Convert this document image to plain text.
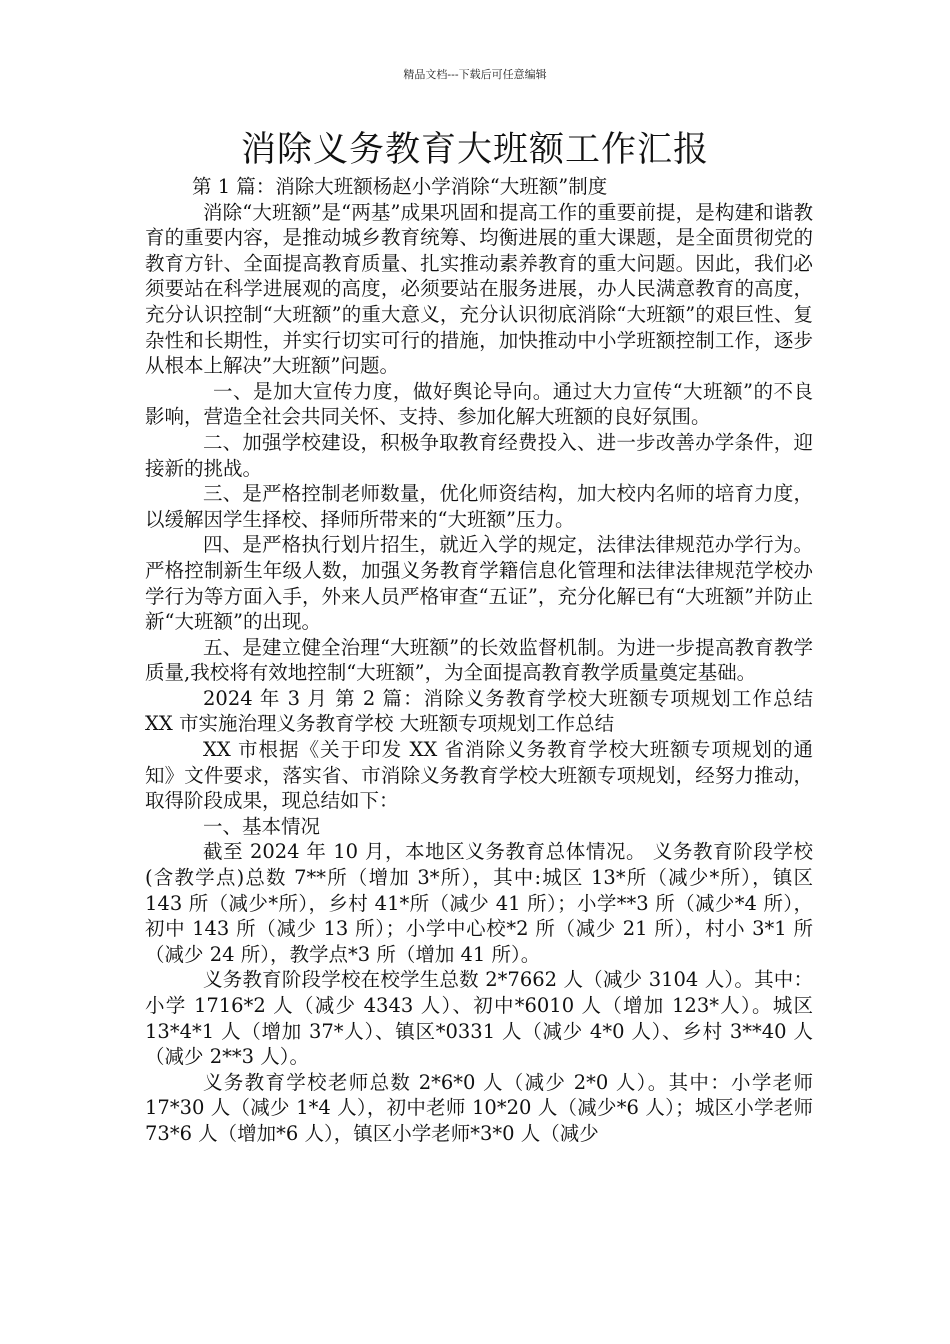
精品文档---下载后可任意编辑
消除义务教育大班额工作汇报

第 1 篇：消除大班额杨赵小学消除“大班额”制度

消除“大班额”是“两基”成果巩固和提高工作的重要前提，是构建和谐教育的重要内容，是推动城乡教育统筹、均衡进展的重大课题，是全面贯彻党的教育方针、全面提高教育质量、扎实推动素养教育的重大问题。因此，我们必须要站在科学进展观的高度，必须要站在服务进展，办人民满意教育的高度，充分认识控制“大班额”的重大意义，充分认识彻底消除“大班额”的艰巨性、复杂性和长期性，并实行切实可行的措施，加快推动中小学班额控制工作，逐步从根本上解决”大班额”问题。

一、是加大宣传力度，做好舆论导向。通过大力宣传“大班额”的不良影响，营造全社会共同关怀、支持、参加化解大班额的良好氛围。

二、加强学校建设，积极争取教育经费投入、进一步改善办学条件，迎接新的挑战。

三、是严格控制老师数量，优化师资结构，加大校内名师的培育力度，以缓解因学生择校、择师所带来的“大班额”压力。

四、是严格执行划片招生，就近入学的规定，法律法律规范办学行为。严格控制新生年级人数，加强义务教育学籍信息化管理和法律法律规范学校办学行为等方面入手，外来人员严格审查“五证”，充分化解已有“大班额”并防止新“大班额”的出现。

五、是建立健全治理“大班额”的长效监督机制。为进一步提高教育教学质量,我校将有效地控制“大班额”，为全面提高教育教学质量奠定基础。

2024 年 3 月 第 2 篇：消除义务教育学校大班额专项规划工作总结 XX 市实施治理义务教育学校 大班额专项规划工作总结

XX 市根据《关于印发 XX 省消除义务教育学校大班额专项规划的通知》文件要求，落实省、市消除义务教育学校大班额专项规划，经努力推动，取得阶段成果，现总结如下：

一、基本情况

截至 2024 年 10 月，本地区义务教育总体情况。 义务教育阶段学校(含教学点)总数 7**所（增加 3*所），其中:城区 13*所（减少*所），镇区 143 所（减少*所），乡村 41*所（减少 41 所）；小学**3 所（减少*4 所），初中 143 所（减少 13 所）；小学中心校*2 所（减少 21 所），村小 3*1 所（减少 24 所），教学点*3 所（增加 41 所）。

义务教育阶段学校在校学生总数 2*7662 人（减少 3104 人）。其中：小学 1716*2 人（减少 4343 人）、初中*6010 人（增加 123*人）。城区 13*4*1 人（增加 37*人）、镇区*0331 人（减少 4*0 人）、乡村 3**40 人（减少 2**3 人）。

义务教育学校老师总数 2*6*0 人（减少 2*0 人）。其中：小学老师 17*30 人（减少 1*4 人），初中老师 10*20 人（减少*6 人）；城区小学老师 73*6 人（增加*6 人），镇区小学老师*3*0 人（减少
